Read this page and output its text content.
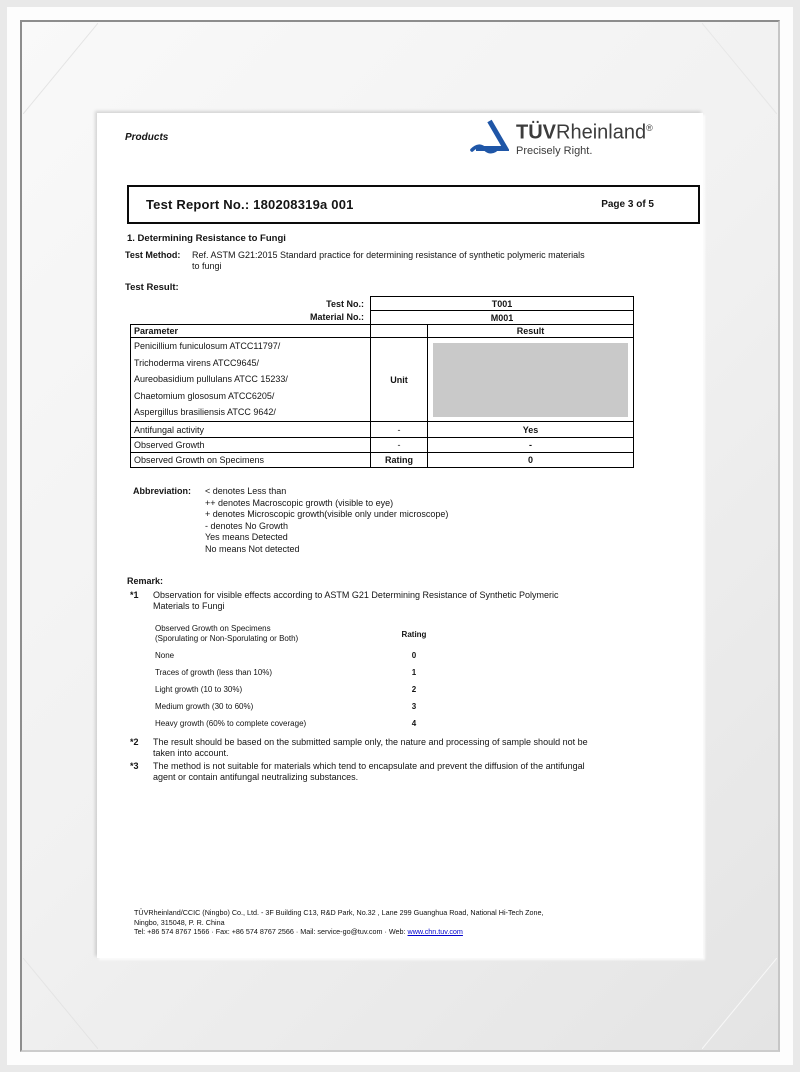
Products	TÜVRheinland®
Precisely Right.
Test Report No.: 180208319a 001	Page 3 of 5
1. Determining Resistance to Fungi
Test Method:	Ref. ASTM G21:2015 Standard practice for determining resistance of synthetic polymeric materials to fungi
Test Result:
Test No.:	T001	
Material No.:	M001	
Parameter		Result

Penicillium funiculosum ATCC11797/
Trichoderma virens ATCC9645/
Aureobasidium pullulans ATCC 15233/
Chaetomium glososum ATCC6205/
Aspergillus brasiliensis ATCC 9642/	Unit	

Antifungal activity	-	Yes
Observed Growth	-	-
Observed Growth on Specimens	Rating	0
Abbreviation:	< denotes Less than
++ denotes Macroscopic growth (visible to eye)
+ denotes Microscopic growth(visible only under microscope)
- denotes No Growth
Yes means Detected
No means Not detected
Remark:
*1	Observation for visible effects according to ASTM G21 Determining Resistance of Synthetic Polymeric Materials to Fungi
Observed Growth on Specimens
(Sporulating or Non-Sporulating or Both)	Rating
None	0
Traces of growth (less than 10%)	1
Light growth (10 to 30%)	2
Medium growth (30 to 60%)	3
Heavy growth (60% to complete coverage)	4
*2	The result should be based on the submitted sample only, the nature and processing of sample should not be taken into account.
*3	The method is not suitable for materials which tend to encapsulate and prevent the diffusion of the antifungal agent or contain antifungal neutralizing substances.
TÜVRheinland/CCIC (Ningbo) Co., Ltd. - 3F Building C13, R&D Park, No.32 , Lane 299 Guanghua Road, National Hi-Tech Zone,
Ningbo, 315048, P. R. China
Tel: +86 574 8767 1566 · Fax: +86 574 8767 2566 · Mail: service-go@tuv.com · Web: www.chn.tuv.com
